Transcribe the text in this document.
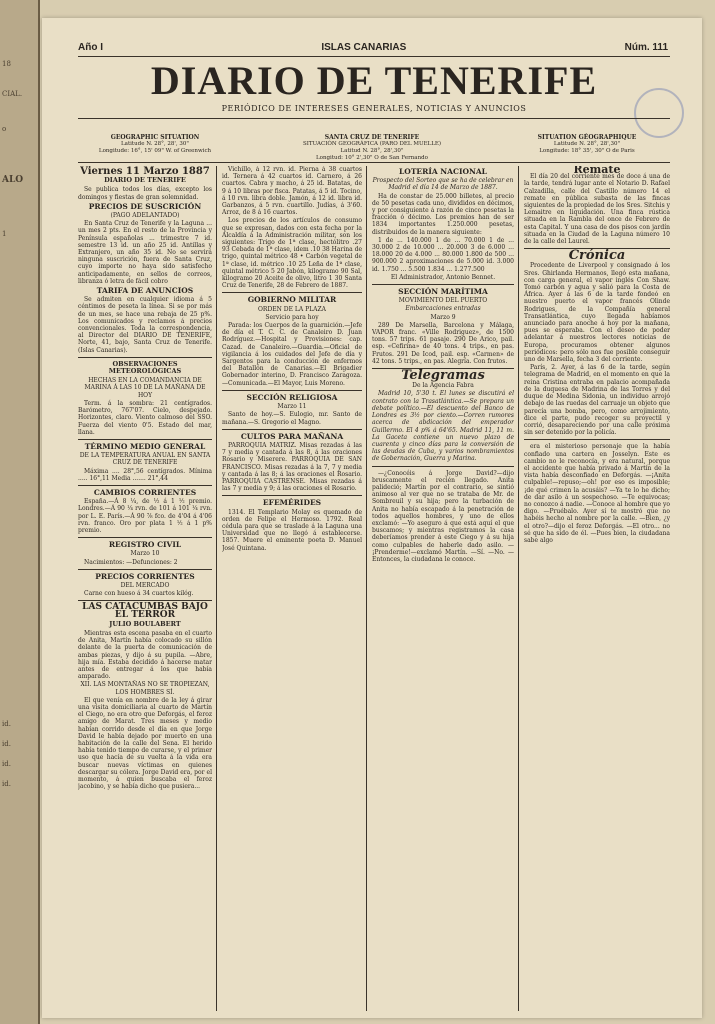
18
CIAL.
o
ALO
1
id.
id.
id.
id.
Año I	ISLAS CANARIAS	Núm. 111
DIARIO DE TENERIFE
PERIÓDICO DE INTERESES GENERALES, NOTICIAS Y ANUNCIOS
GEOGRAPHIC SITUATION
Latitude N. 28°, 28', 30"
Longitude: 16°, 15' 09" W. of Greenwich
SANTA CRUZ DE TENERIFE
SITUACIÓN GEOGRÁFICA (PARO DEL MUELLE)
Latitud N. 28°, 28',30"
Longitud: 10° 2',30" O de San Fernando
SITUATION GÉOGRAPHIQUE
Latitude N. 28°, 28',30"
Longitude: 18° 35', 30" O de Paris
Viernes 11 Marzo 1887
DIARIO DE TENERIFE

Se publica todos los días, excepto los domingos y fiestas de gran solemnidad.

PRECIOS DE SUSCRICIÓN

(PAGO ADELANTADO)

En Santa Cruz de Tenerife y la Laguna ... un mes 2 pts. En el resto de la Provincia y Península españolas ... trimestre 7 id. semestre 13 id. un año 25 id. Antillas y Extranjero, un año 35 id. No se servirá ninguna suscrición, fuera de Santa Cruz, cuyo importe no haya sido satisfecho anticipadamente, en sellos de correos, libranza ó letra de fácil cobro

TARIFA DE ANUNCIOS

Se admiten en cualquier idioma á 5 céntimos de peseta la línea. Si se por más de un mes, se hace una rebaja de 25 p%. Los comunicados y reclamos á precios convencionales. Toda la correspondencia, al Director del DIARIO DE TENERIFE, Norte, 41, bajo, Santa Cruz de Tenerife. (Islas Canarias).

OBSERVACIONES METEOROLÓGICAS

HECHAS EN LA COMANDANCIA DE MARINA Á LAS 10 DE LA MAÑANA DE HOY

Term. á la sombra: 21 centígrados. Barómetro, 767'07. Cielo, despejado. Horizontes, claro. Viento calmoso del SSO. Fuerza del viento 0'5. Estado del mar, llana.

TÉRMINO MEDIO GENERAL

DE LA TEMPERATURA ANUAL EN SANTA CRUZ DE TENERIFE

Máxima .... 28°,56 centígrados. Mínima ..... 16°,11 Media ....... 21°,44

CAMBIOS CORRIENTES

España.—Á 8 ¼, de ½ á 1 ½ premio. Londres.—Á 90 ¼ rvn. de 101 á 101 ¼ rvn. por L. E. París.—Á 90 ⅞ fco. de 4'04 á 4'06 rvn. franco. Oro por plata 1 ½ á 1 p% premio.

REGISTRO CIVIL

Marzo 10

Nacimientos: —Defunciones: 2

PRECIOS CORRIENTES

DEL MERCADO

Carne con hueso á 34 cuartos kilóg.

LAS CATACUMBAS BAJO EL TERROR
JULIO BOULABERT

Mientras esta escena pasaba en el cuarto de Anita, Martín había colocado su sillón delante de la puerta de comunicación de ambas piezas, y dijo á su pupila. —Abre, hija mía. Estaba decidido á hacerse matar antes de entregar á los que había amparado.

XII. LAS MONTAÑAS NO SE TROPIEZAN, LOS HOMBRES SÍ.

El que venía en nombre de la ley á girar una visita domiciliaria al cuarto de Martín el Ciego, no era otro que Deforgás, el feroz amigo de Marat. Tres meses y medio habían corrido desde el día en que Jorge David le había dejado por muerto en una habitación de la calle del Sena. El herido había tenido tiempo de curarse, y el primer uso que hacía de su vuelta á la vida era buscar nuevas víctimas en quienes descargar su cólera. Jorge David era, por el momento, á quien buscaba el feroz jacobino, y se había dicho que pusiera...

Vichillo, á 12 rvn. id. Pierna á 38 cuartos id. Ternera á 42 cuartos id. Carnero, á 26 cuartos. Cabra y macho, á 25 id. Batatas, de 9 á 10 libras por fisca. Patatas, á 5 id. Tocino, á 10 rvn. libra doble. Jamón, á 12 id. libra id. Garbanzos, á 5 rvn. cuartillo. Judías, á 3'60. Arroz, de 8 á 16 cuartos.

Los precios de los artículos de consumo que se expresan, dados con esta fecha por la Alcaldía á la Administración militar, son los siguientes: Trigo de 1ª clase, hectólitro .27 93 Cebada de 1ª clase, idem .10 38 Harina de trigo, quintal métrico 48 • Carbón vegetal de 1ª clase, id. métrico .10 25 Leña de 1ª clase, quintal métrico 5 20 Jabón, kilogramo 90 Sal, kilogramo 20 Aceite de olivo, litro 1 30 Santa Cruz de Tenerife, 28 de Febrero de 1887.

GOBIERNO MILITAR

ORDEN DE LA PLAZA

Servicio para hoy

Parada: los Cuerpos de la guarnición.—Jefe de día el T. C. C. de Canaleiro D. Juan Rodríguez.—Hospital y Provisiones: cap. Cazad. de Canaleiro.—Guardia.—Oficial de vigilancia á los cuidados del Jefe de día y Sargentos para la conducción de enfermos del Batallón de Canarias.—El Brigadier Gobernador interino, D. Francisco Zaragoza.—Comunicada.—El Mayor, Luis Moreno.

SECCIÓN RELIGIOSA

Marzo 11

Santo de hoy.—S. Eulogio, mr. Santo de mañana.—S. Gregorio el Magno.

CULTOS PARA MAÑANA

PARROQUIA MATRIZ. Misas rezadas á las 7 y media y cantada á las 8, á las oraciones Rosario y Miserere. PARROQUIA DE SAN FRANCISCO. Misas rezadas á la 7, 7 y media y cantada á las 8; á las oraciones el Rosario. PARROQUIA CASTRENSE. Misas rezadas á las 7 y media y 9; á las oraciones el Rosario.

EFEMÉRIDES

1314. El Templario Molay es quemado de orden de Felipe el Hermoso. 1792. Real cédula para que se traslade á la Laguna una Universidad que no llegó á establecerse. 1857. Muere el eminente poeta D. Manuel José Quintana.

LOTERÍA NACIONAL

Prospecto del Sorteo que se ha de celebrar en Madrid el día 14 de Marzo de 1887.

Ha de constar de 25.000 billetes, al precio de 50 pesetas cada uno, divididos en décimos, y por consiguiente á razón de cinco pesetas la fracción ó décimo. Los premios han de ser 1834 importantes 1.250.000 pesetas, distribuidos de la manera siguiente:

1 de ... 140.000 1 de ... 70.000 1 de ... 30.000 2 de 10.000 ... 20.000 3 de 6.000 ... 18.000 20 de 4.000 ... 80.000 1.800 de 500 ... 900.000 2 aproximaciones de 5.000 id. 3.000 id. 1.750 ... 5.500 1.834 ... 1.277.500

El Administrador, Antonio Bennet.

SECCIÓN MARÍTIMA

MOVIMIENTO DEL PUERTO

Embarcaciones entradas

Marzo 9

289 De Marsella, Barcelona y Málaga, VAPOR franc. «Ville Rodriguez», de 1500 tons. 57 trips. 61 pasaje. 290 De Arico, pail. esp. «Cefirina» de 40 tons. 4 trips., en pas. Frutos. 291 De Icod, pail. esp. «Carmen» de 42 tons. 5 trips., en pas. Alegría. Con frutos.

Telegramas

De la Agencia Fabra

Madrid 10, 5'30 t. El lunes se discutirá el contrato con la Trasatlántica.—Se prepara un debate político.—El descuento del Banco de Londres es 3½ por ciento.—Corren rumores acerca de abdicación del emperador Guillermo. El 4 p% á 64'65. Madrid 11, 11 m. La Gaceta contiene un nuevo plazo de cuarenta y cinco días para la conversión de las deudas de Cuba, y varios nombramientos de Gobernación, Guerra y Marina.

—¿Conocéis á Jorge David?—dijo bruscamente el recién llegado. Anita palideció; Martín por el contrario, se sintió animoso al ver que no se trataba de Mr. de Sombreuil y su hija; pero la turbación de Anita no había escapado á la penetración de todos aquellos hombres, y uno de ellos exclamó: —Yo aseguro á que está aquí el que buscamos; y mientras registramos la casa deberíamos prender á este Ciego y á su hija como culpables de haberle dado asilo. —¡Prenderme!—exclamó Martín. —Sí. —No. —Entonces, la ciudadana le conoce.

Remate

El día 20 del corriente mes de doce á una de la tarde, tendrá lugar ante el Notario D. Rafael Calzadilla, calle del Castillo número 14 el remate en pública subasta de las fincas siguientes de la propiedad de los Sres. Sitchis y Lemaitre en liquidación. Una finca rústica situada en la Rambla del once de Febrero de esta Capital. Y una casa de dos pisos con jardín situada en la Ciudad de la Laguna número 10 de la calle del Laurel.

Crónica

Procedente de Liverpool y consignado á los Sres. Ghirlanda Hermanos, llegó esta mañana, con carga general, el vapor inglés Con Shaw. Tomó carbón y agua y salió para la Costa de África. Ayer á las 6 de la tarde fondeó en nuestro puerto el vapor francés Olinde Rodrigues, de la Compañía general Transatlántica, cuyo llegada habíamos anunciado para anoche á hoy por la mañana, pues se esperaba. Con el deseo de poder adelantar á nuestros lectores noticias de Europa, procuramos obtener algunos periódicos: pero sólo nos fue posible conseguir uno de Marsella, fecha 3 del corriente.

París, 2. Ayer, á las 6 de la tarde, según telegrama de Madrid, en el momento en que la reina Cristina entraba en palacio acompañada de la duquesa de Madrina de las Torres y del duque de Medina Sidonia, un individuo arrojó debajo de las ruedas del carruaje un objeto que parecía una bomba, pero, como arrojimiento, dice el parte, pudo recoger su proyectil y corrió, desapareciendo por una calle próxima sin ser detenido por la policía.

era el misterioso personaje que la había confiado una cartera en Josselyn. Este es cambio no le reconocía, y era natural, porque el accidente que había privado á Martín de la vista había desconfiado en Deforgás. —¡Anita culpable!—repuso;—oh! por eso es imposible; ¡de qué crimen la acusáis? —Ya te lo he dicho; de dar asilo á un sospechoso. —Te equivocas; no conozco á nadie. —Conoce al hombre que yo digo. —Pruébalo. Ayer sí te mostró que no habéis hecho al nombre por la calle. —Bien, ¿y el otro?—dijo el feroz Deforgás. —El otro... no sé que ha sido de él. —Pues bien, la ciudadana sabe algo
